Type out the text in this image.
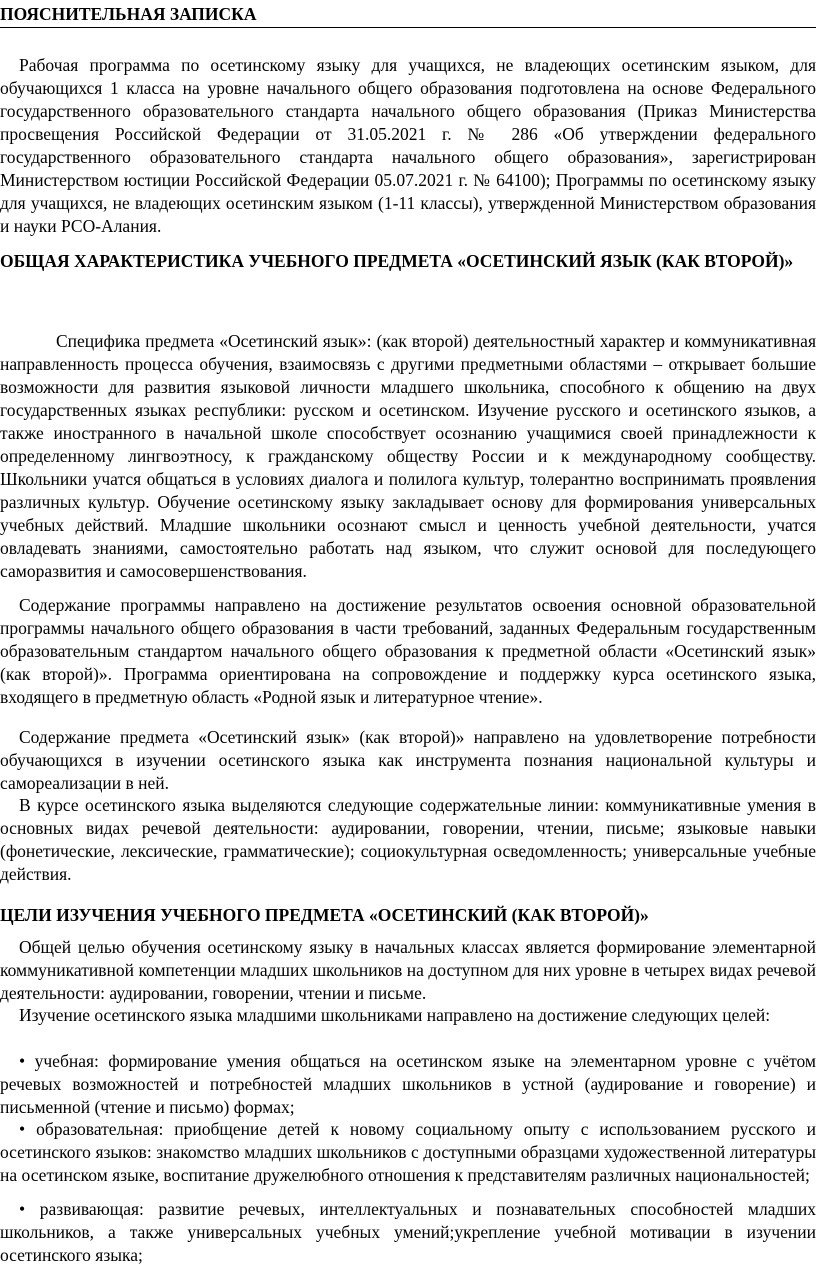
ПОЯСНИТЕЛЬНАЯ ЗАПИСКА

Рабочая программа по осетинскому языку для учащихся, не владеющих осетинским языком, для обучающихся 1 класса на уровне начального общего образования подготовлена на основе Федерального государственного образовательного стандарта начального общего образования (Приказ Министерства просвещения Российской Федерации от 31.05.2021 г. № 286 «Об утверждении федерального государственного образовательного стандарта начального общего образования», зарегистрирован Министерством юстиции Российской Федерации 05.07.2021 г. № 64100); Программы по осетинскому языку для учащихся, не владеющих осетинским языком (1-11 классы), утвержденной Министерством образования и науки РСО-Алания.

ОБЩАЯ ХАРАКТЕРИСТИКА УЧЕБНОГО ПРЕДМЕТА «ОСЕТИНСКИЙ ЯЗЫК (КАК ВТОРОЙ)»

Специфика предмета «Осетинский язык»: (как второй) деятельностный характер и коммуникативная направленность процесса обучения, взаимосвязь с другими предметными областями – открывает большие возможности для развития языковой личности младшего школьника, способного к общению на двух государственных языках республики: русском и осетинском. Изучение русского и осетинского языков, а также иностранного в начальной школе способствует осознанию учащимися своей принадлежности к определенному лингвоэтносу, к гражданскому обществу России и к международному сообществу. Школьники учатся общаться в условиях диалога и полилога культур, толерантно воспринимать проявления различных культур. Обучение осетинскому языку закладывает основу для формирования универсальных учебных действий. Младшие школьники осознают смысл и ценность учебной деятельности, учатся овладевать знаниями, самостоятельно работать над языком, что служит основой для последующего саморазвития и самосовершенствования.

Содержание программы направлено на достижение результатов освоения основной образовательной программы начального общего образования в части требований, заданных Федеральным государственным образовательным стандартом начального общего образования к предметной области «Осетинский язык» (как второй)». Программа ориентирована на сопровождение и поддержку курса осетинского языка, входящего в предметную область «Родной язык и литературное чтение».

Содержание предмета «Осетинский язык» (как второй)» направлено на удовлетворение потребности обучающихся в изучении осетинского языка как инструмента познания национальной культуры и самореализации в ней.

В курсе осетинского языка выделяются следующие содержательные линии: коммуникативные умения в основных видах речевой деятельности: аудировании, говорении, чтении, письме; языковые навыки (фонетические, лексические, грамматические); социокультурная осведомленность; универсальные учебные действия.

ЦЕЛИ ИЗУЧЕНИЯ УЧЕБНОГО ПРЕДМЕТА «ОСЕТИНСКИЙ (КАК ВТОРОЙ)»

Общей целью обучения осетинскому языку в начальных классах является формирование элементарной коммуникативной компетенции младших школьников на доступном для них уровне в четырех видах речевой деятельности: аудировании, говорении, чтении и письме.

Изучение осетинского языка младшими школьниками направлено на достижение следующих целей:

• учебная: формирование умения общаться на осетинском языке на элементарном уровне с учётом речевых возможностей и потребностей младших школьников в устной (аудирование и говорение) и письменной (чтение и письмо) формах;

• образовательная: приобщение детей к новому социальному опыту с использованием русского и осетинского языков: знакомство младших школьников с доступными образцами художественной литературы на осетинском языке, воспитание дружелюбного отношения к представителям различных национальностей;

• развивающая: развитие речевых, интеллектуальных и познавательных способностей младших школьников, а также универсальных учебных умений;укрепление учебной мотивации в изучении осетинского языка;
